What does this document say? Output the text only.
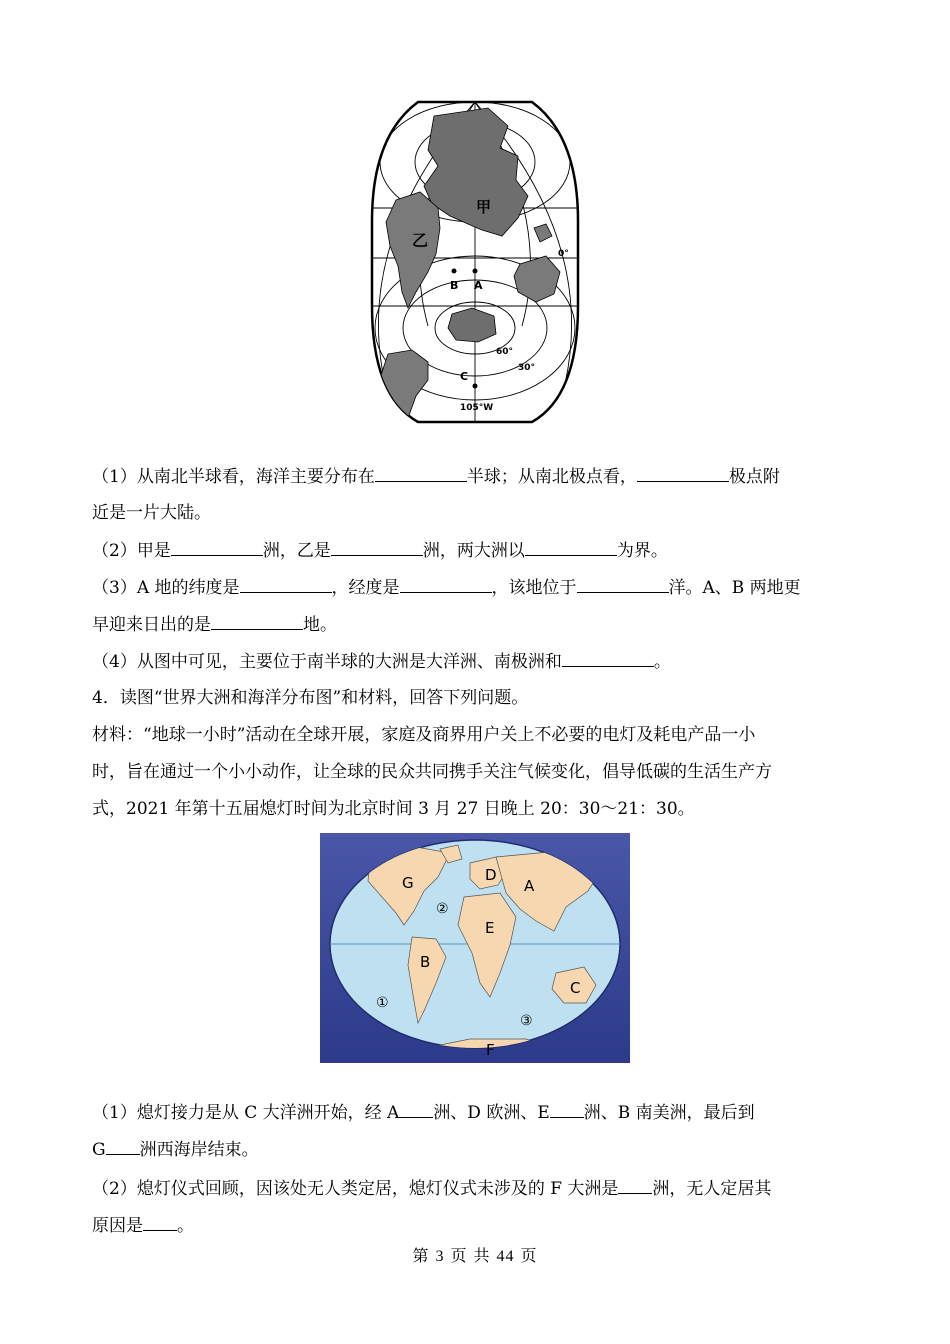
甲
乙
B A
C
0°
60°
30°
105°W
（1）从南北半球看，海洋主要分布在	半球；从南北极点看，	极点附
近是一片大陆。
（2）甲是	洲，乙是	洲，两大洲以	为界。
（3）A 地的纬度是	，经度是	，该地位于	洋。A、B 两地更
早迎来日出的是	地。
（4）从图中可见，主要位于南半球的大洲是大洋洲、南极洲和	。
4．读图“世界大洲和海洋分布图”和材料，回答下列问题。
材料：“地球一小时”活动在全球开展，家庭及商界用户关上不必要的电灯及耗电产品一小
时，旨在通过一个小小动作，让全球的民众共同携手关注气候变化，倡导低碳的生活生产方
式，2021 年第十五届熄灯时间为北京时间 3 月 27 日晚上 20：30～21：30。
G	D
A
E
B
C
F
②
①
③
（1）熄灯接力是从 C 大洋洲开始，经 A 洲、D 欧洲、E 洲、B 南美洲，最后到
G 洲西海岸结束。
（2）熄灯仪式回顾，因该处无人类定居，熄灯仪式未涉及的 F 大洲是 洲，无人定居其
原因是 。
第 3 页 共 44 页
